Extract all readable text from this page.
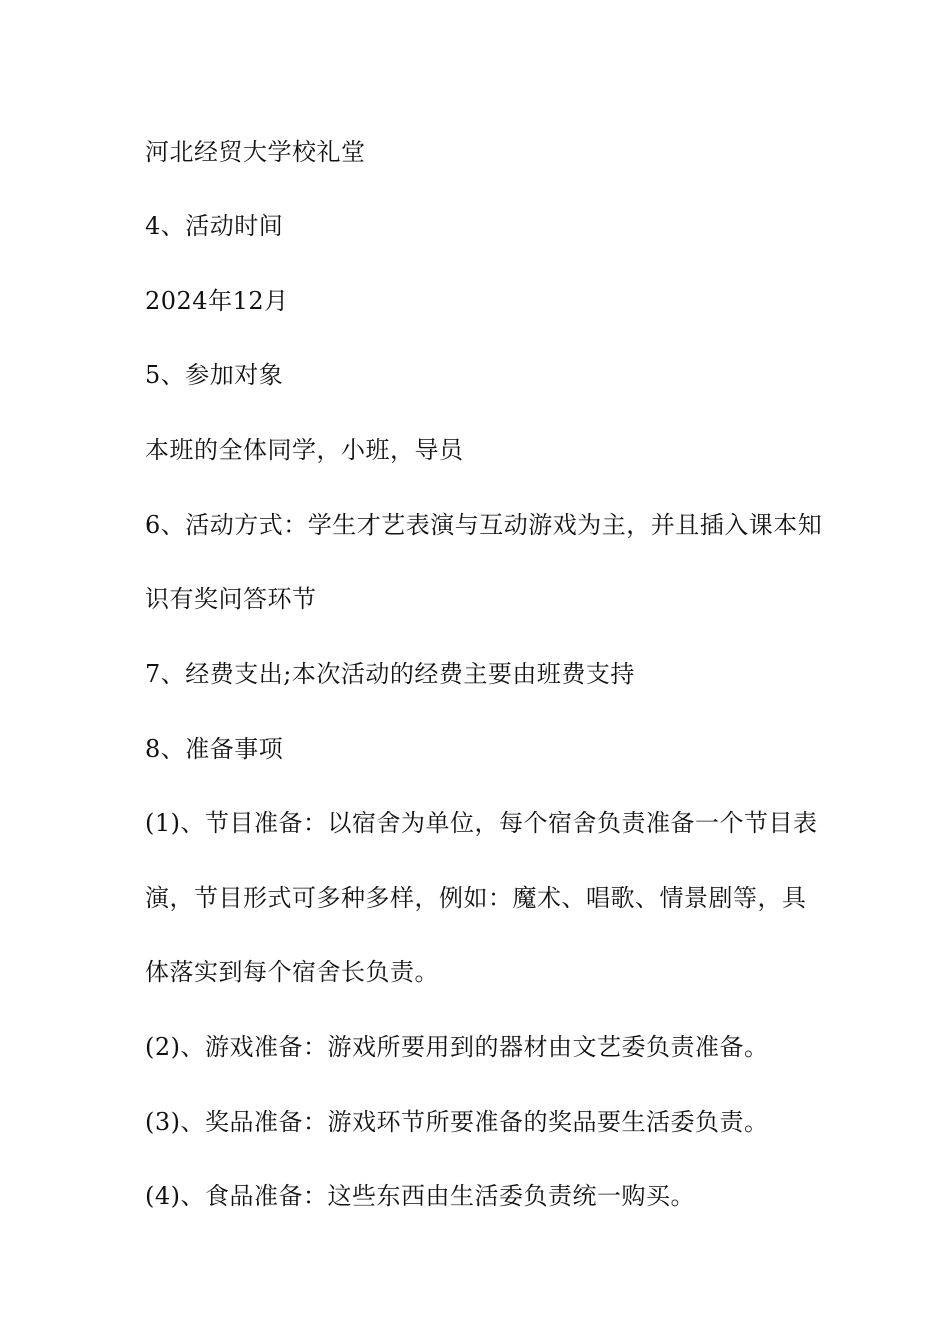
河北经贸大学校礼堂
4、活动时间
2024年12月
5、参加对象
本班的全体同学，小班，导员
6、活动方式：学生才艺表演与互动游戏为主，并且插入课本知
识有奖问答环节
7、经费支出;本次活动的经费主要由班费支持
8、准备事项
(1)、节目准备：以宿舍为单位，每个宿舍负责准备一个节目表
演，节目形式可多种多样，例如：魔术、唱歌、情景剧等，具
体落实到每个宿舍长负责。
(2)、游戏准备：游戏所要用到的器材由文艺委负责准备。
(3)、奖品准备：游戏环节所要准备的奖品要生活委负责。
(4)、食品准备：这些东西由生活委负责统一购买。
